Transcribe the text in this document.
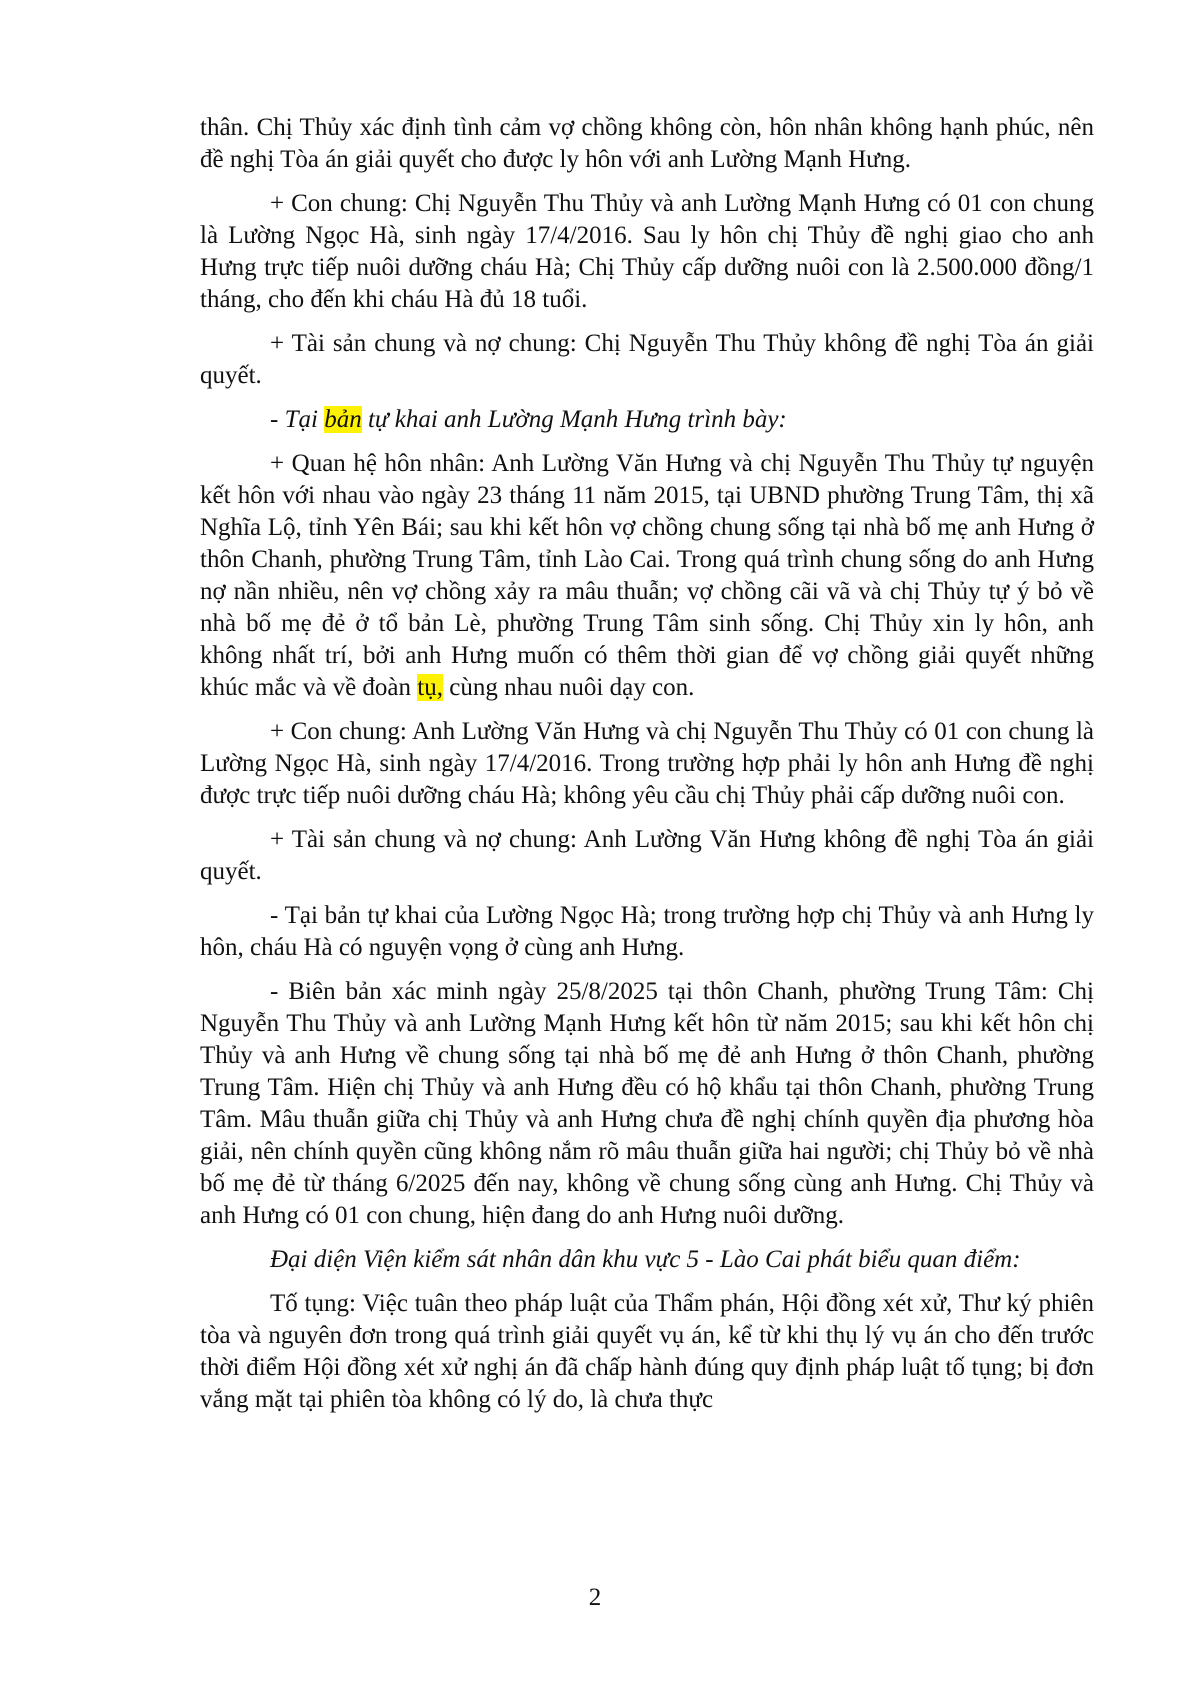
thân. Chị Thủy xác định tình cảm vợ chồng không còn, hôn nhân không hạnh phúc, nên đề nghị Tòa án giải quyết cho được ly hôn với anh Lường Mạnh Hưng.

+ Con chung: Chị Nguyễn Thu Thủy và anh Lường Mạnh Hưng có 01 con chung là Lường Ngọc Hà, sinh ngày 17/4/2016. Sau ly hôn chị Thủy đề nghị giao cho anh Hưng trực tiếp nuôi dưỡng cháu Hà; Chị Thủy cấp dưỡng nuôi con là 2.500.000 đồng/1 tháng, cho đến khi cháu Hà đủ 18 tuổi.

+ Tài sản chung và nợ chung: Chị Nguyễn Thu Thủy không đề nghị Tòa án giải quyết.

- Tại bản tự khai anh Lường Mạnh Hưng trình bày:

+ Quan hệ hôn nhân: Anh Lường Văn Hưng và chị Nguyễn Thu Thủy tự nguyện kết hôn với nhau vào ngày 23 tháng 11 năm 2015, tại UBND phường Trung Tâm, thị xã Nghĩa Lộ, tỉnh Yên Bái; sau khi kết hôn vợ chồng chung sống tại nhà bố mẹ anh Hưng ở thôn Chanh, phường Trung Tâm, tỉnh Lào Cai. Trong quá trình chung sống do anh Hưng nợ nần nhiều, nên vợ chồng xảy ra mâu thuẫn; vợ chồng cãi vã và chị Thủy tự ý bỏ về nhà bố mẹ đẻ ở tổ bản Lè, phường Trung Tâm sinh sống. Chị Thủy xin ly hôn, anh không nhất trí, bởi anh Hưng muốn có thêm thời gian để vợ chồng giải quyết những khúc mắc và về đoàn tụ, cùng nhau nuôi dạy con.

+ Con chung: Anh Lường Văn Hưng và chị Nguyễn Thu Thủy có 01 con chung là Lường Ngọc Hà, sinh ngày 17/4/2016. Trong trường hợp phải ly hôn anh Hưng đề nghị được trực tiếp nuôi dưỡng cháu Hà; không yêu cầu chị Thủy phải cấp dưỡng nuôi con.

+ Tài sản chung và nợ chung: Anh Lường Văn Hưng không đề nghị Tòa án giải quyết.

- Tại bản tự khai của Lường Ngọc Hà; trong trường hợp chị Thủy và anh Hưng ly hôn, cháu Hà có nguyện vọng ở cùng anh Hưng.

- Biên bản xác minh ngày 25/8/2025 tại thôn Chanh, phường Trung Tâm: Chị Nguyễn Thu Thủy và anh Lường Mạnh Hưng kết hôn từ năm 2015; sau khi kết hôn chị Thủy và anh Hưng về chung sống tại nhà bố mẹ đẻ anh Hưng ở thôn Chanh, phường Trung Tâm. Hiện chị Thủy và anh Hưng đều có hộ khẩu tại thôn Chanh, phường Trung Tâm. Mâu thuẫn giữa chị Thủy và anh Hưng chưa đề nghị chính quyền địa phương hòa giải, nên chính quyền cũng không nắm rõ mâu thuẫn giữa hai người; chị Thủy bỏ về nhà bố mẹ đẻ từ tháng 6/2025 đến nay, không về chung sống cùng anh Hưng. Chị Thủy và anh Hưng có 01 con chung, hiện đang do anh Hưng nuôi dưỡng.

Đại diện Viện kiểm sát nhân dân khu vực 5 - Lào Cai phát biểu quan điểm:

Tố tụng: Việc tuân theo pháp luật của Thẩm phán, Hội đồng xét xử, Thư ký phiên tòa và nguyên đơn trong quá trình giải quyết vụ án, kể từ khi thụ lý vụ án cho đến trước thời điểm Hội đồng xét xử nghị án đã chấp hành đúng quy định pháp luật tố tụng; bị đơn vắng mặt tại phiên tòa không có lý do, là chưa thực

2
